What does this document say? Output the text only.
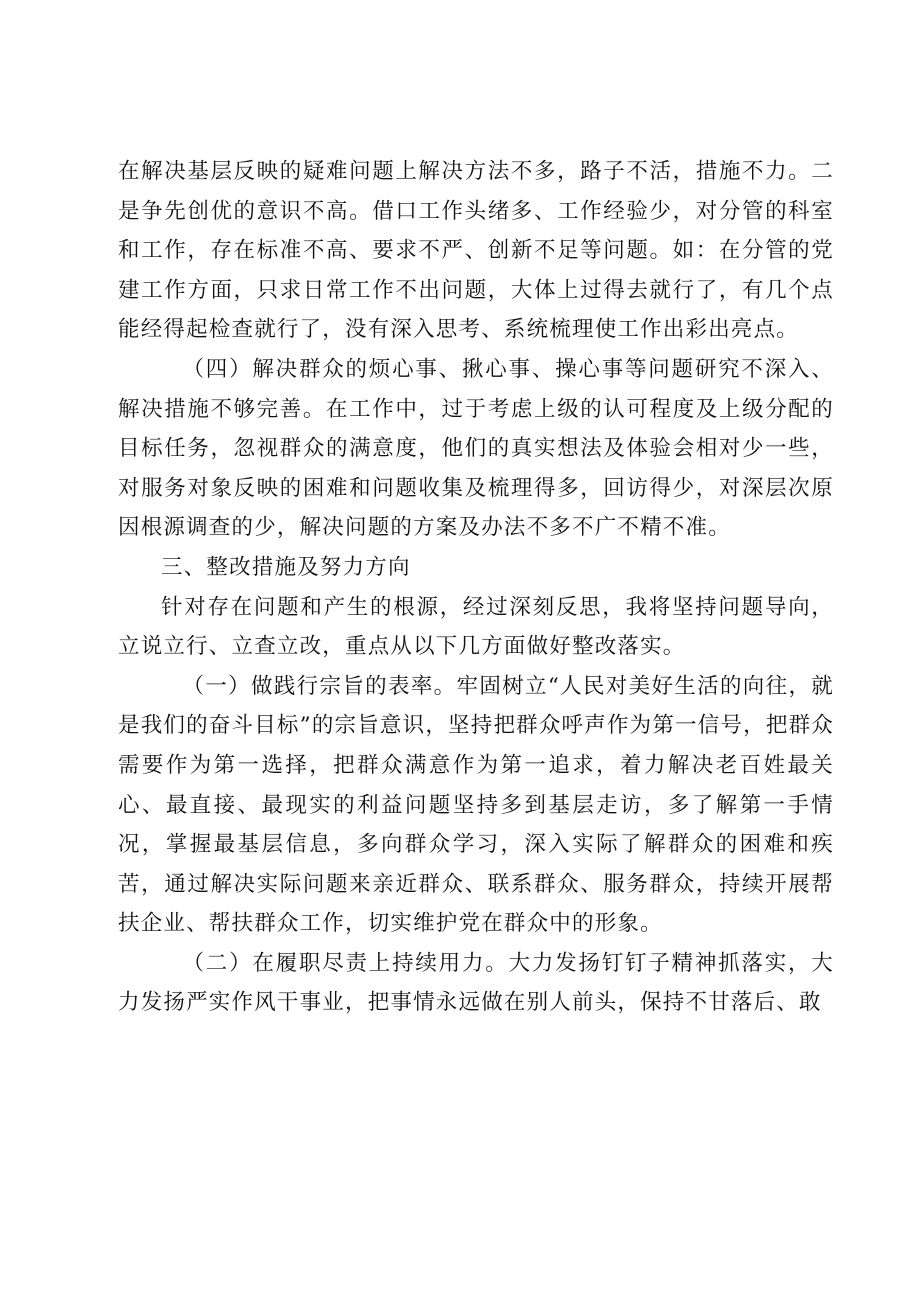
在解决基层反映的疑难问题上解决方法不多，路子不活，措施不力。二是争先创优的意识不高。借口工作头绪多、工作经验少，对分管的科室和工作，存在标准不高、要求不严、创新不足等问题。如：在分管的党建工作方面，只求日常工作不出问题，大体上过得去就行了，有几个点能经得起检查就行了，没有深入思考、系统梳理使工作出彩出亮点。

（四）解决群众的烦心事、揪心事、操心事等问题研究不深入、解决措施不够完善。在工作中，过于考虑上级的认可程度及上级分配的目标任务，忽视群众的满意度，他们的真实想法及体验会相对少一些，对服务对象反映的困难和问题收集及梳理得多，回访得少，对深层次原因根源调查的少，解决问题的方案及办法不多不广不精不准。

三、整改措施及努力方向

针对存在问题和产生的根源，经过深刻反思，我将坚持问题导向，立说立行、立查立改，重点从以下几方面做好整改落实。

（一）做践行宗旨的表率。牢固树立“人民对美好生活的向往，就是我们的奋斗目标”的宗旨意识，坚持把群众呼声作为第一信号，把群众需要作为第一选择，把群众满意作为第一追求，着力解决老百姓最关心、最直接、最现实的利益问题坚持多到基层走访，多了解第一手情况，掌握最基层信息，多向群众学习，深入实际了解群众的困难和疾苦，通过解决实际问题来亲近群众、联系群众、服务群众，持续开展帮扶企业、帮扶群众工作，切实维护党在群众中的形象。

（二）在履职尽责上持续用力。大力发扬钉钉子精神抓落实，大力发扬严实作风干事业，把事情永远做在别人前头，保持不甘落后、敢
